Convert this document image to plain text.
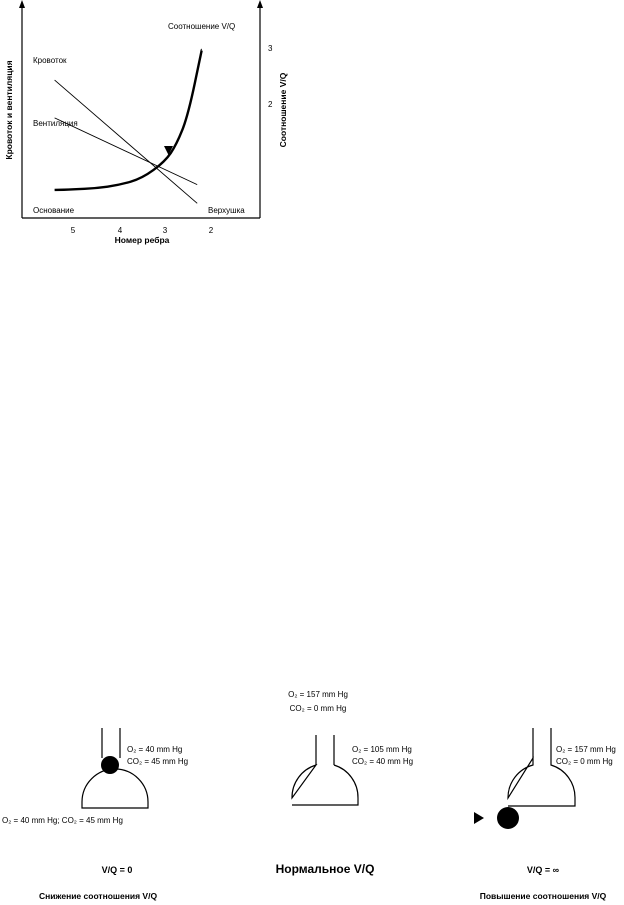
Кровоток и вентиляция	Соотношение V/Q
Номер ребра
5	4	3	2
3
2
Кровоток
Вентиляция
Соотношение V/Q
Основание	Верхушка
O₂ = 157 mm Hg
CO₂ = 0 mm Hg
O₂ = 40 mm Hg
CO₂ = 45 mm Hg
O₂ = 40 mm Hg; CO₂ = 45 mm Hg
V/Q = 0
Снижение соотношения V/Q
O₂ = 105 mm Hg
CO₂ = 40 mm Hg
Нормальное V/Q
O₂ = 157 mm Hg
CO₂ = 0 mm Hg
V/Q = ∞
Повышение соотношения V/Q
